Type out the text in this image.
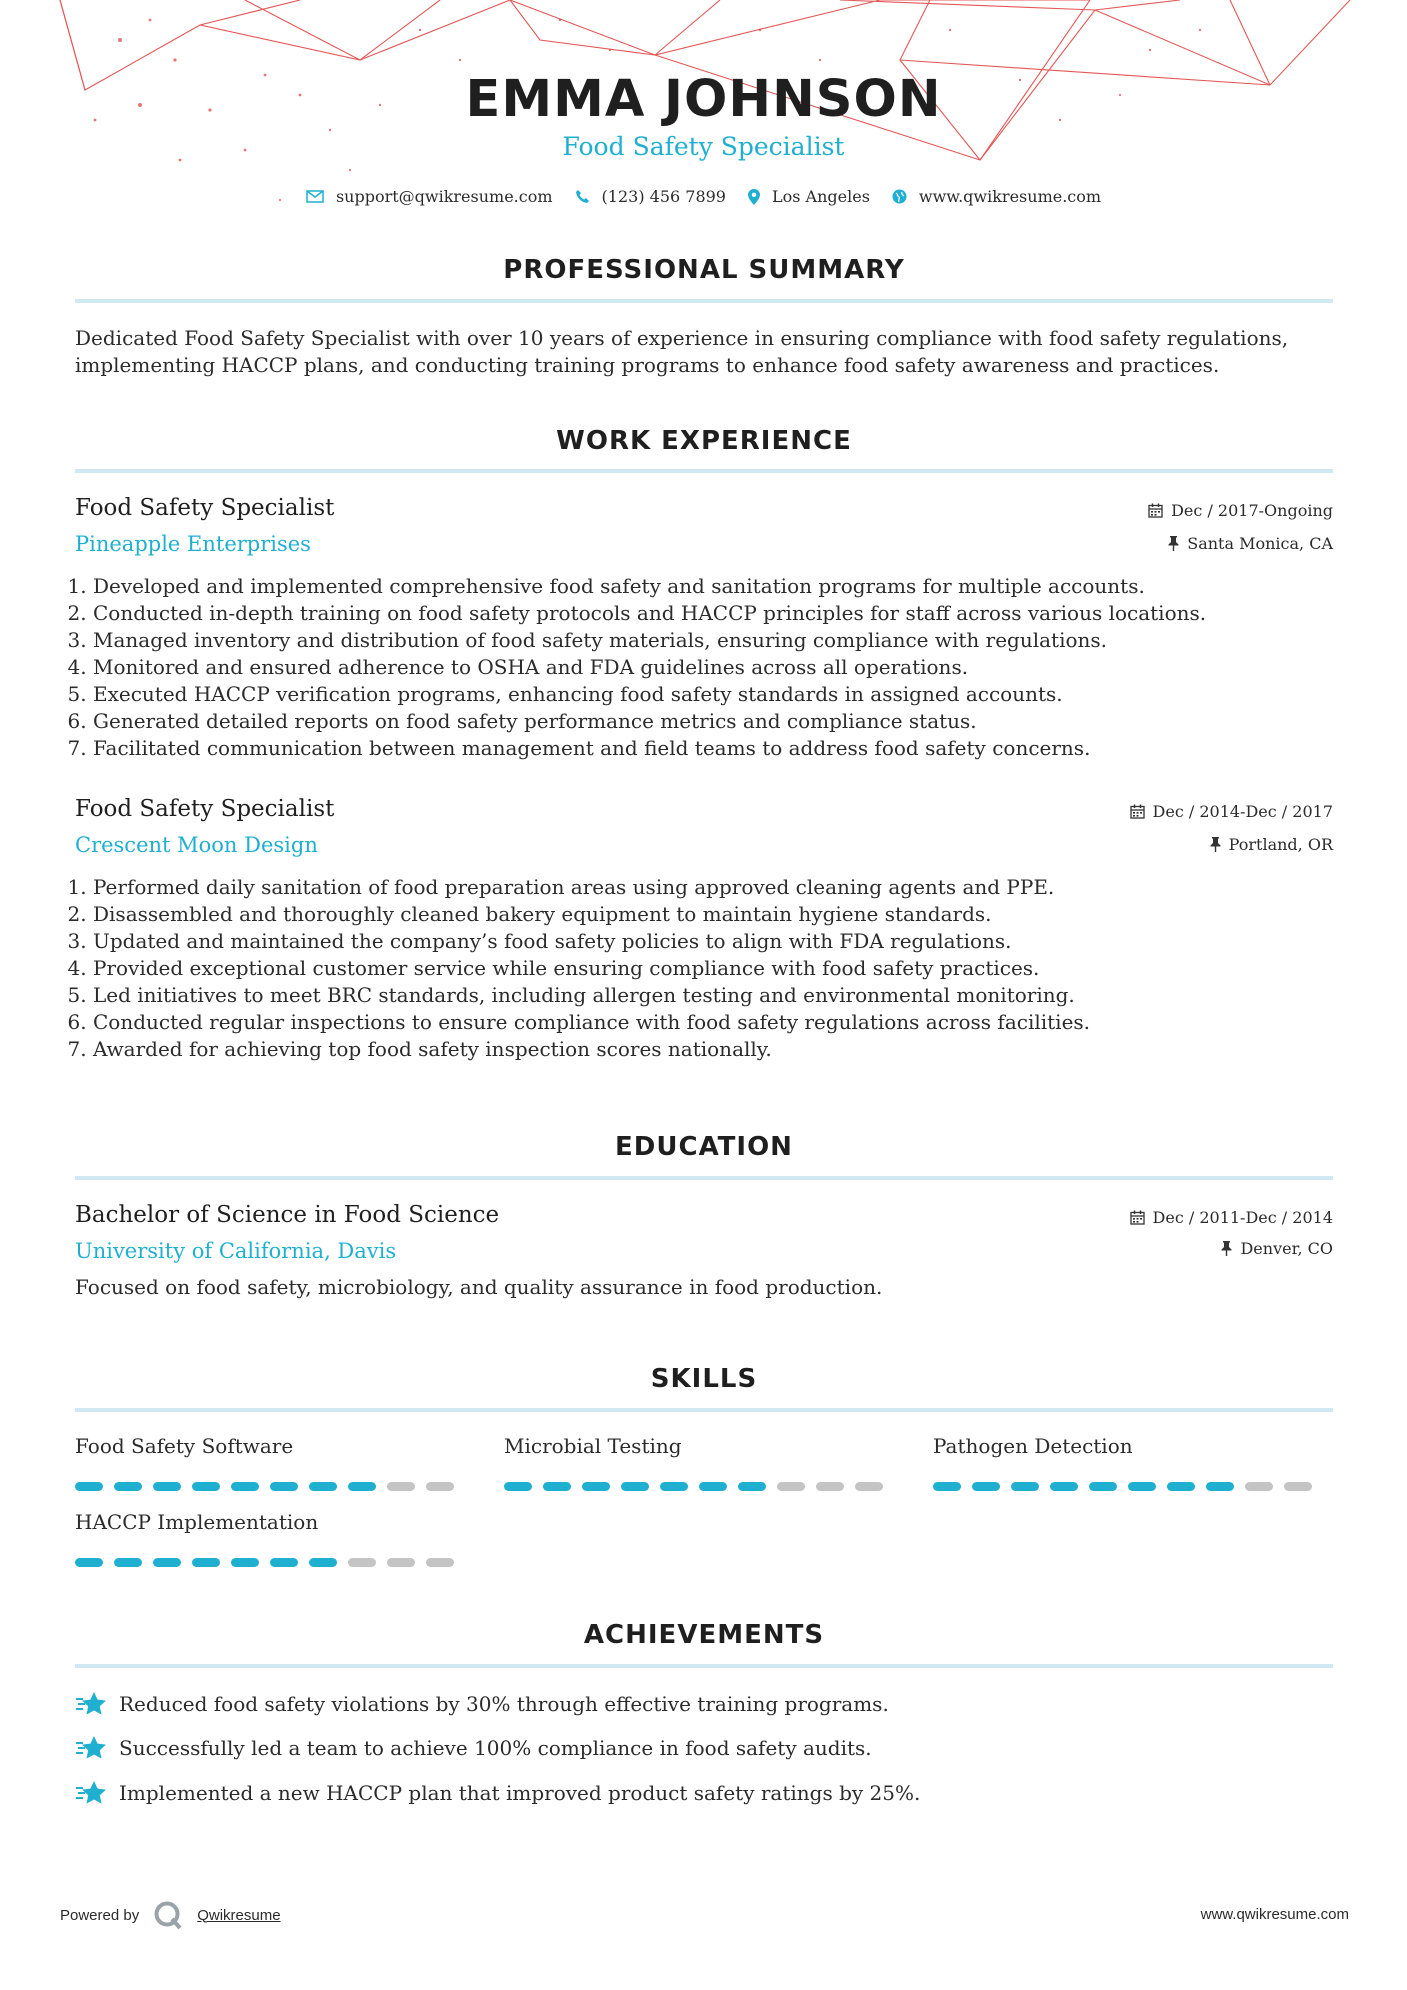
EMMA JOHNSON
Food Safety Specialist
support@qwikresume.com	(123) 456 7899	Los Angeles	www.qwikresume.com
PROFESSIONAL SUMMARY
Dedicated Food Safety Specialist with over 10 years of experience in ensuring compliance with food safety regulations, implementing HACCP plans, and conducting training programs to enhance food safety awareness and practices.
WORK EXPERIENCE
Food Safety Specialist
Pineapple Enterprises
Dec / 2017-Ongoing
Santa Monica, CA
1. Developed and implemented comprehensive food safety and sanitation programs for multiple accounts.
2. Conducted in-depth training on food safety protocols and HACCP principles for staff across various locations.
3. Managed inventory and distribution of food safety materials, ensuring compliance with regulations.
4. Monitored and ensured adherence to OSHA and FDA guidelines across all operations.
5. Executed HACCP verification programs, enhancing food safety standards in assigned accounts.
6. Generated detailed reports on food safety performance metrics and compliance status.
7. Facilitated communication between management and field teams to address food safety concerns.
Food Safety Specialist
Crescent Moon Design
Dec / 2014-Dec / 2017
Portland, OR
1. Performed daily sanitation of food preparation areas using approved cleaning agents and PPE.
2. Disassembled and thoroughly cleaned bakery equipment to maintain hygiene standards.
3. Updated and maintained the company’s food safety policies to align with FDA regulations.
4. Provided exceptional customer service while ensuring compliance with food safety practices.
5. Led initiatives to meet BRC standards, including allergen testing and environmental monitoring.
6. Conducted regular inspections to ensure compliance with food safety regulations across facilities.
7. Awarded for achieving top food safety inspection scores nationally.
EDUCATION
Bachelor of Science in Food Science
University of California, Davis
Dec / 2011-Dec / 2014
Denver, CO
Focused on food safety, microbiology, and quality assurance in food production.
SKILLS
Food Safety Software	Microbial Testing	Pathogen Detection
HACCP Implementation
ACHIEVEMENTS
Reduced food safety violations by 30% through effective training programs.
Successfully led a team to achieve 100% compliance in food safety audits.
Implemented a new HACCP plan that improved product safety ratings by 25%.
Powered by	Qwikresume	www.qwikresume.com
